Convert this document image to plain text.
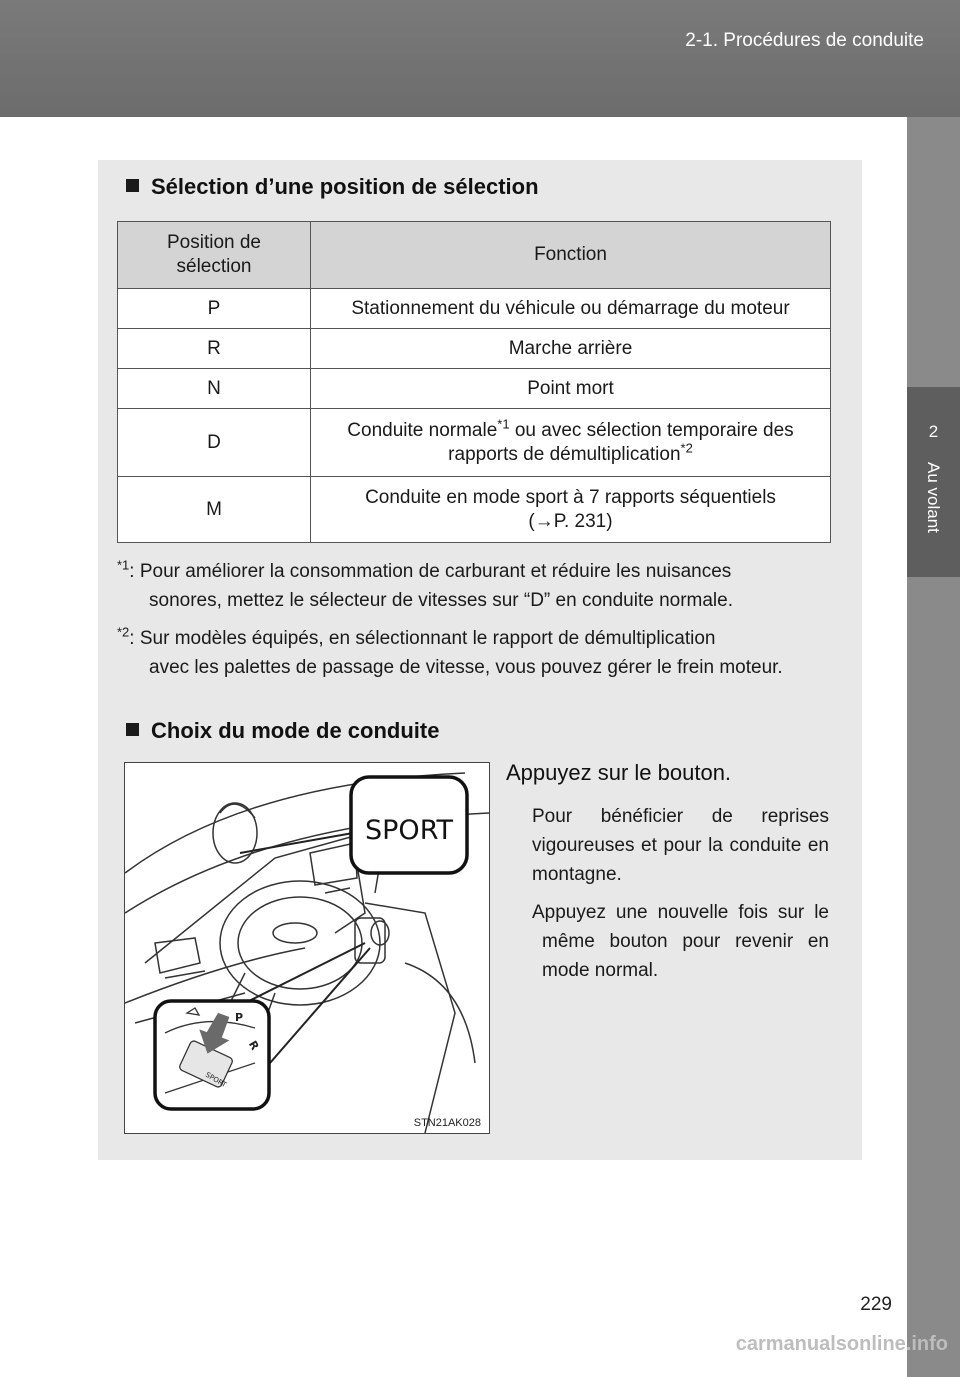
2-1. Procédures de conduite
2
Au volant
Sélection d’une position de sélection
Position de sélection	Fonction
P	Stationnement du véhicule ou démarrage du moteur
R	Marche arrière
N	Point mort
D	Conduite normale$^{*1}$ ou avec sélection temporaire des rapports de démultiplication$^{*2}$
M	Conduite en mode sport à 7 rapports séquentiels (→P. 231)
$^{*1}$: Pour améliorer la consommation de carburant et réduire les nuisances
sonores, mettez le sélecteur de vitesses sur “D” en conduite normale.
$^{*2}$: Sur modèles équipés, en sélectionnant le rapport de démultiplication
avec les palettes de passage de vitesse, vous pouvez gérer le frein moteur.
Choix du mode de conduite
SPORT
P
R
SPORT
STN21AK028
Appuyez sur le bouton.
Pour bénéficier de reprises vigoureuses et pour la conduite en montagne.
Appuyez une nouvelle fois sur le même bouton pour revenir en mode normal.
229
carmanualsonline.info
